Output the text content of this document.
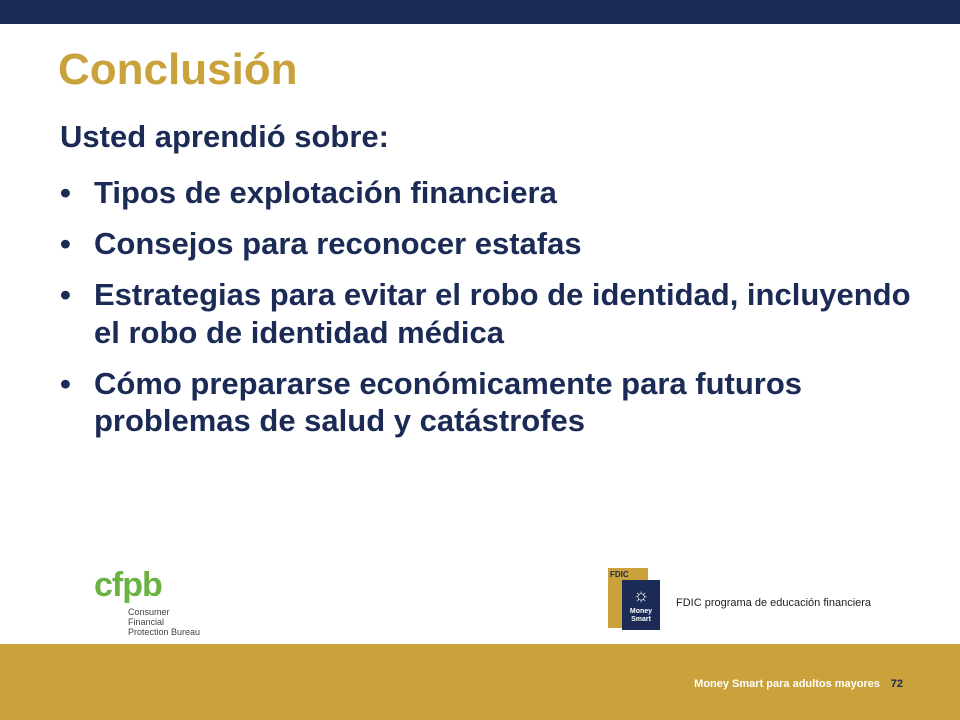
Conclusión

Usted aprendió sobre:

• Tipos de explotación financiera
• Consejos para reconocer estafas
• Estrategias para evitar el robo de identidad, incluyendo el robo de identidad médica
• Cómo prepararse económicamente para futuros problemas de salud y catástrofes
cfpb
Consumer Financial
Protection Bureau
FDIC
☼
Money
Smart
FDIC programa de educación financiera
Money Smart para adultos mayores 72
